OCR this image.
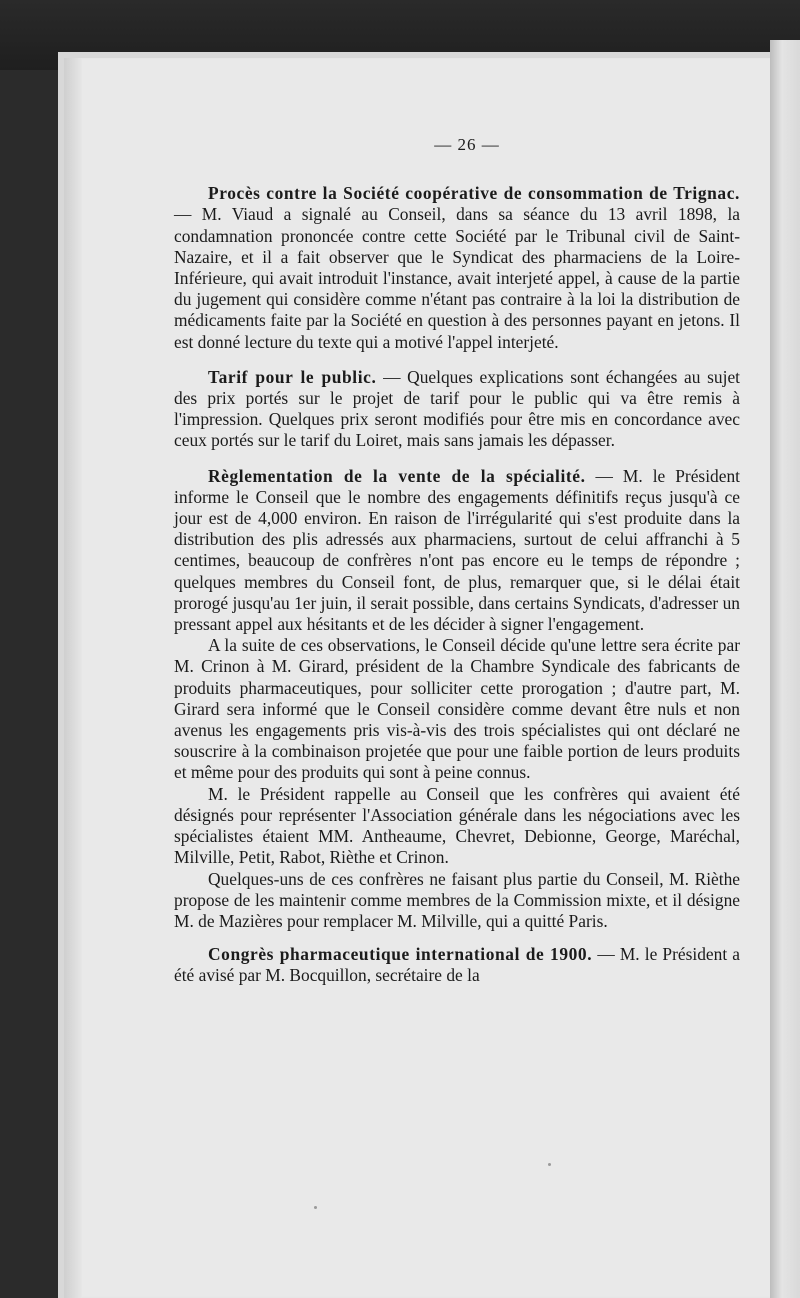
— 26 —

Procès contre la Société coopérative de consommation de Trignac. — M. Viaud a signalé au Conseil, dans sa séance du 13 avril 1898, la condamnation prononcée contre cette Société par le Tribunal civil de Saint-Nazaire, et il a fait observer que le Syndicat des pharmaciens de la Loire-Inférieure, qui avait introduit l'instance, avait interjeté appel, à cause de la partie du jugement qui considère comme n'étant pas contraire à la loi la distribution de médicaments faite par la Société en question à des personnes payant en jetons. Il est donné lecture du texte qui a motivé l'appel interjeté.

Tarif pour le public. — Quelques explications sont échangées au sujet des prix portés sur le projet de tarif pour le public qui va être remis à l'impression. Quelques prix seront modifiés pour être mis en concordance avec ceux portés sur le tarif du Loiret, mais sans jamais les dépasser.

Règlementation de la vente de la spécialité. — M. le Président informe le Conseil que le nombre des engagements définitifs reçus jusqu'à ce jour est de 4,000 environ. En raison de l'irrégularité qui s'est produite dans la distribution des plis adressés aux pharmaciens, surtout de celui affranchi à 5 centimes, beaucoup de confrères n'ont pas encore eu le temps de répondre ; quelques membres du Conseil font, de plus, remarquer que, si le délai était prorogé jusqu'au 1er juin, il serait possible, dans certains Syndicats, d'adresser un pressant appel aux hésitants et de les décider à signer l'engagement.

A la suite de ces observations, le Conseil décide qu'une lettre sera écrite par M. Crinon à M. Girard, président de la Chambre Syndicale des fabricants de produits pharmaceutiques, pour solliciter cette prorogation ; d'autre part, M. Girard sera informé que le Conseil considère comme devant être nuls et non avenus les engagements pris vis-à-vis des trois spécialistes qui ont déclaré ne souscrire à la combinaison projetée que pour une faible portion de leurs produits et même pour des produits qui sont à peine connus.

M. le Président rappelle au Conseil que les confrères qui avaient été désignés pour représenter l'Association générale dans les négociations avec les spécialistes étaient MM. Antheaume, Chevret, Debionne, George, Maréchal, Milville, Petit, Rabot, Rièthe et Crinon.

Quelques-uns de ces confrères ne faisant plus partie du Conseil, M. Rièthe propose de les maintenir comme membres de la Commission mixte, et il désigne M. de Mazières pour remplacer M. Milville, qui a quitté Paris.

Congrès pharmaceutique international de 1900. — M. le Président a été avisé par M. Bocquillon, secrétaire de la
